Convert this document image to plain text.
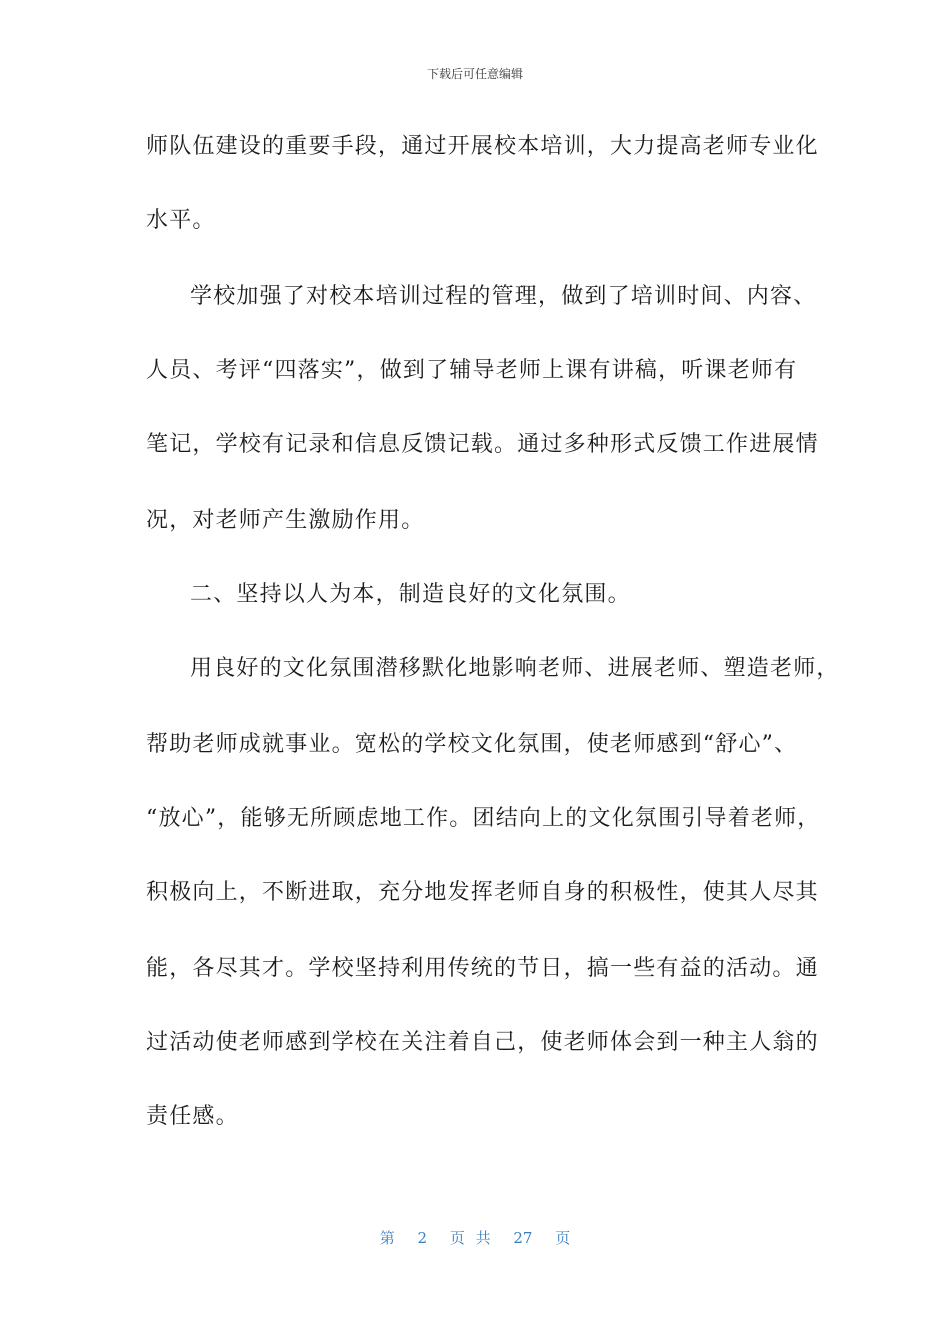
下载后可任意编辑
师队伍建设的重要手段，通过开展校本培训，大力提高老师专业化
水平。
学校加强了对校本培训过程的管理，做到了培训时间、内容、
人员、考评“四落实”，做到了辅导老师上课有讲稿，听课老师有
笔记，学校有记录和信息反馈记载。通过多种形式反馈工作进展情
况，对老师产生激励作用。
二、坚持以人为本，制造良好的文化氛围。
用良好的文化氛围潜移默化地影响老师、进展老师、塑造老师，
帮助老师成就事业。宽松的学校文化氛围，使老师感到“舒心”、
“放心”，能够无所顾虑地工作。团结向上的文化氛围引导着老师，
积极向上，不断进取，充分地发挥老师自身的积极性，使其人尽其
能，各尽其才。学校坚持利用传统的节日，搞一些有益的活动。通
过活动使老师感到学校在关注着自己，使老师体会到一种主人翁的
责任感。
第 2 页 共 27 页
